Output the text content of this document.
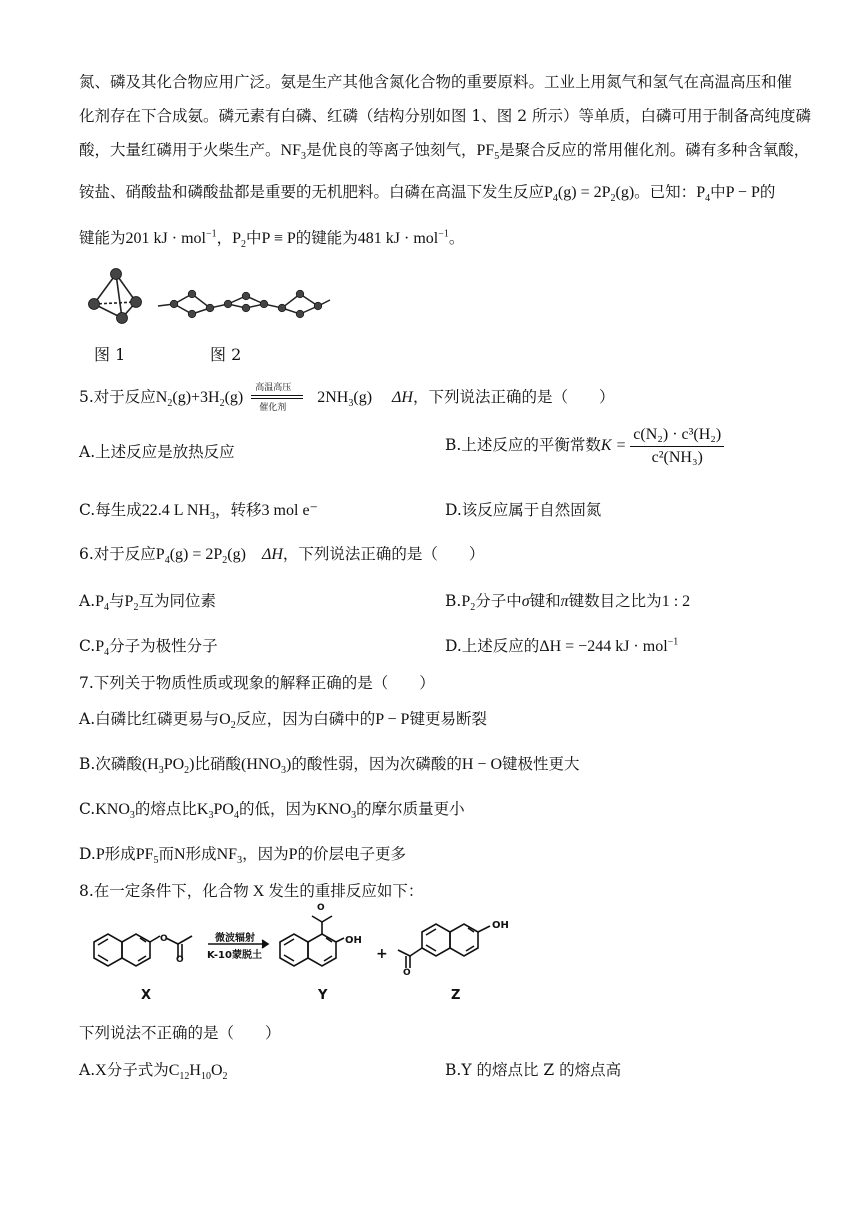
氮、磷及其化合物应用广泛。氨是生产其他含氮化合物的重要原料。工业上用氮气和氢气在高温高压和催
化剂存在下合成氨。磷元素有白磷、红磷（结构分别如图 1、图 2 所示）等单质，白磷可用于制备高纯度磷
酸，大量红磷用于火柴生产。$NF_3$是优良的等离子蚀刻气，$PF_5$是聚合反应的常用催化剂。磷有多种含氧酸，
铵盐、硝酸盐和磷酸盐都是重要的无机肥料。白磷在高温下发生反应$P_4(g) = 2P_2(g)$。已知：$P_4$中P − P的
键能为201 kJ · mol$^{-1}$，$P_2$中P ≡ P的键能为481 kJ · mol$^{-1}$。
图 1	图 2
5.对于反应$N_2(g)+3H_2(g)$
高温高压
催化剂
$2NH_3(g)$ ΔH，下列说法正确的是（　　）
A.上述反应是放热反应	B.上述反应的平衡常数$K = \frac{\text{c(N₂) · c³(H₂)}}{\text{c²(NH₃)}}$
C.每生成22.4 L $NH_3$，转移3 mol e⁻	D.该反应属于自然固氮
6.对于反应$P_4(g) = 2P_2(g)$ ΔH，下列说法正确的是（　　）
$A.P_4$与$P_2$互为同位素	$B.P_2$分子中σ键和π键数目之比为1 : 2
$C.P_4$分子为极性分子	D.上述反应的ΔH = −244 kJ · mol$^{-1}$
7.下列关于物质性质或现象的解释正确的是（　　）
A.白磷比红磷更易与$O_2$反应，因为白磷中的P − P键更易断裂
B.次磷酸$(H_3PO_2)$比硝酸$(HNO_3)$的酸性弱，因为次磷酸的H − O键极性更大
$C.KNO_3$的熔点比$K_3PO_4$的低，因为$KNO_3$的摩尔质量更小
D.P形成$PF_5$而N形成$NF_3$，因为P的价层电子更多
8.在一定条件下，化合物 X 发生的重排反应如下：
O
O
微波辐射
K-10蒙脱土
O
OH
+
O
OH
X	Y	Z
下列说法不正确的是（　　）
A.X分子式为$C_{12}H_{10}O_2$	B.Y 的熔点比 Z 的熔点高
